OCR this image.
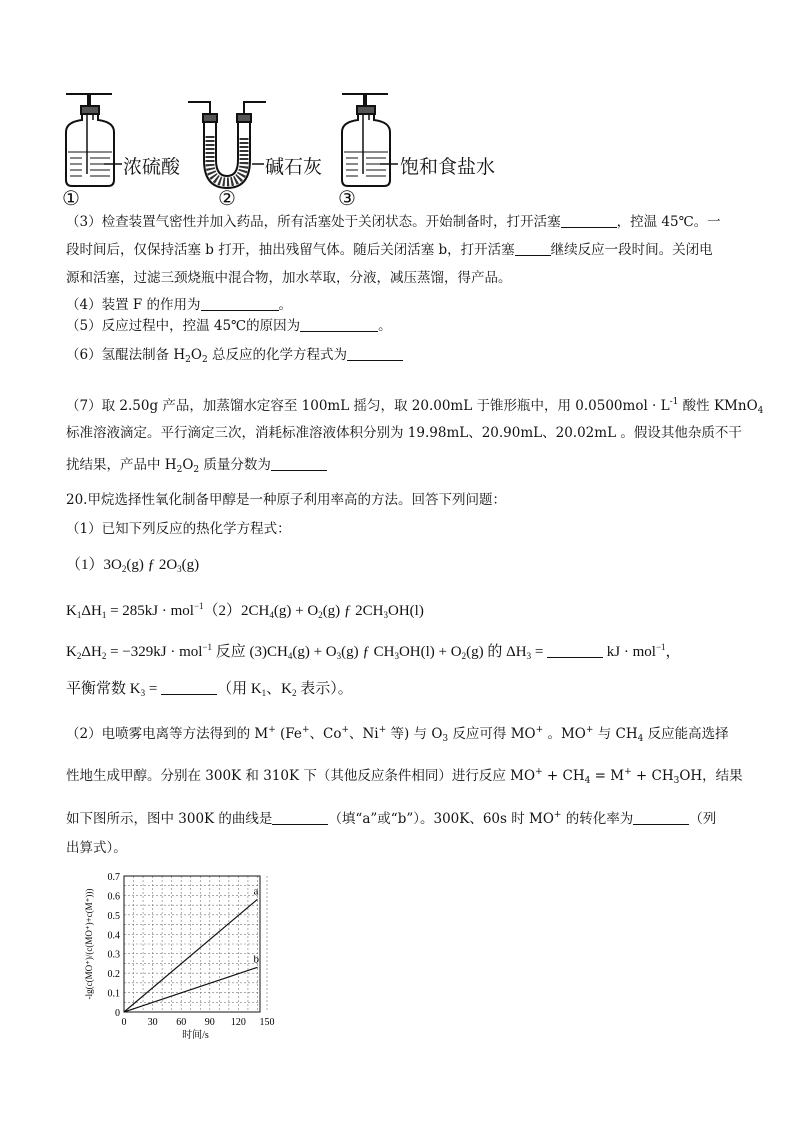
浓硫酸	碱石灰	饱和食盐水
①	②	③
（3）检查装置气密性并加入药品，所有活塞处于关闭状态。开始制备时，打开活塞	，控温 45℃。一
段时间后，仅保持活塞 b 打开，抽出残留气体。随后关闭活塞 b，打开活塞	继续反应一段时间。关闭电
源和活塞，过滤三颈烧瓶中混合物，加水萃取，分液，减压蒸馏，得产品。
（4）装置 F 的作用为	。
（5）反应过程中，控温 45℃的原因为	。
（6）氢醌法制备 $H_2O_2$ 总反应的化学方程式为
（7）取 2.50g 产品，加蒸馏水定容至 100mL 摇匀，取 20.00mL 于锥形瓶中，用 $0.0500mol \cdot L^{-1}$ 酸性 KMnO$_4$
标准溶液滴定。平行滴定三次，消耗标准溶液体积分别为 19.98mL、20.90mL、20.02mL 。假设其他杂质不干
扰结果，产品中 $H_2O_2$ 质量分数为
20.甲烷选择性氧化制备甲醇是一种原子利用率高的方法。回答下列问题：
（1）已知下列反应的热化学方程式：
$(1)3O_2(g)$ ƒ $2O_3(g)$
$K_1\Delta H_1 = 285kJ \cdot mol^{-1}(2)2CH_4(g) + O_2(g)$ ƒ $2CH_3OH(l)$
$K_2\Delta H_2 = -329kJ \cdot mol^{-1}$ 反应 $(3)CH_4(g) + O_3(g)$ ƒ $CH_3OH(l) + O_2(g)$ 的 $\Delta H_3$ =	kJ · mol$^{-1}$，
平衡常数 $K_3$ =	（用 $K_1$、$K_2$ 表示）。
（2）电喷雾电离等方法得到的 M+ (Fe+、Co+、Ni+ 等) 与 $O_3$ 反应可得 MO+ 。MO+ 与 $CH_4$ 反应能高选择
性地生成甲醇。分别在 300K 和 310K 下（其他反应条件相同）进行反应 $MO^+ + CH_4 = M^+ + CH_3OH$，结果
如下图所示，图中 300K 的曲线是	（填“a”或“b”）。300K、60s 时 MO+ 的转化率为	（列
出算式）。
0 30 60 90 120 150
0
0.1
0.2
0.3
0.4
0.5
0.6
0.7
a
b
时间/s
-lg(c(MO⁺)/(c(MO⁺)+c(M⁺)))
